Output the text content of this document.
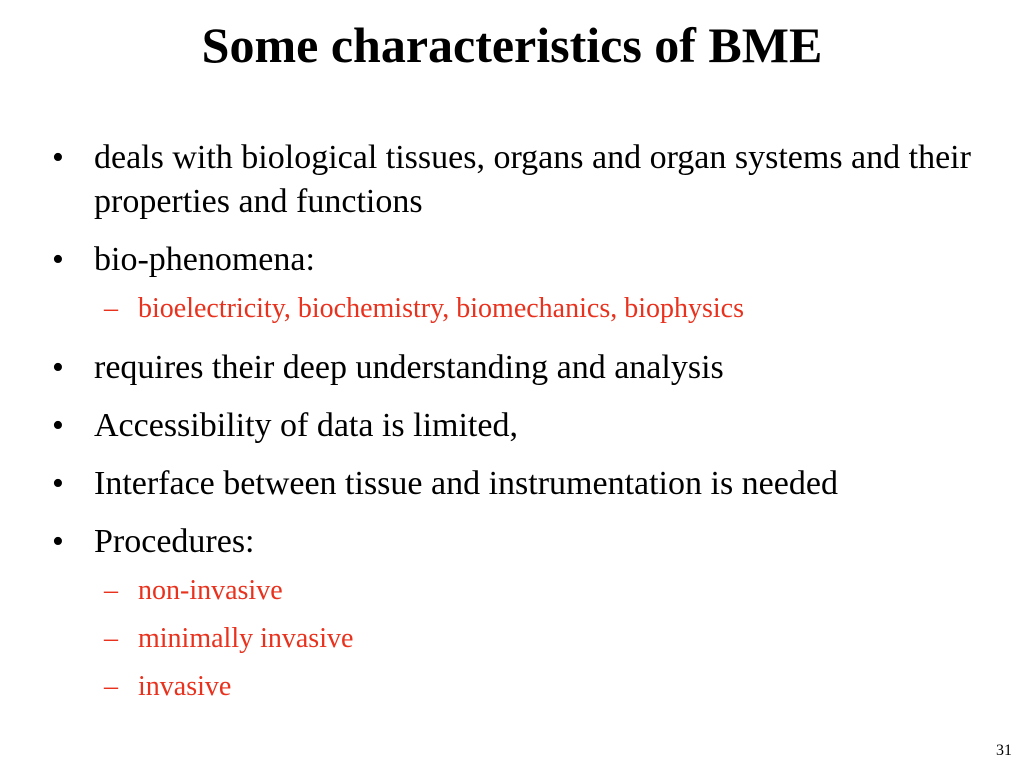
Some characteristics of BME
• deals with biological tissues, organs and organ systems and their properties and functions
• bio-phenomena:
– bioelectricity, biochemistry, biomechanics, biophysics
• requires their deep understanding and analysis
• Accessibility of data is limited,
• Interface between tissue and instrumentation is needed
• Procedures:
– non-invasive
– minimally invasive
– invasive
31
